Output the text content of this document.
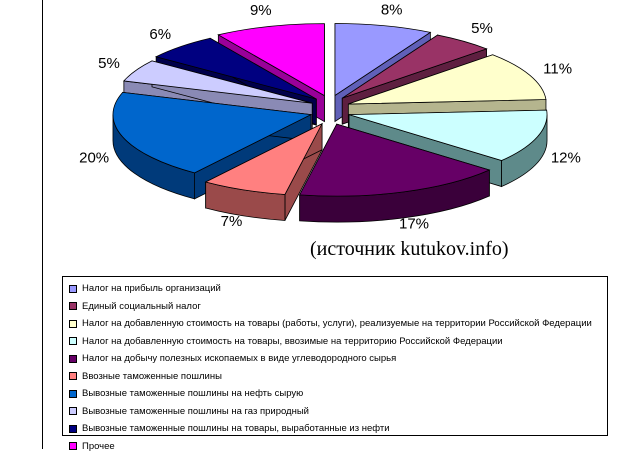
8%
5%
11%
12%
17%
7%
20%
5%
6%
9%
(источник kutukov.info)
Налог на прибыль организаций
Единый социальный налог
Налог на добавленную стоимость на товары (работы, услуги), реализуемые на территории Российской Федерации
Налог на добавленную стоимость на товары, ввозимые на территорию Российской Федерации
Налог на добычу полезных ископаемых в виде углеводородного сырья
Ввозные таможенные пошлины
Вывозные таможенные пошлины на нефть сырую
Вывозные таможенные пошлины на газ природный
Вывозные таможенные пошлины на товары, выработанные из нефти
Прочее
